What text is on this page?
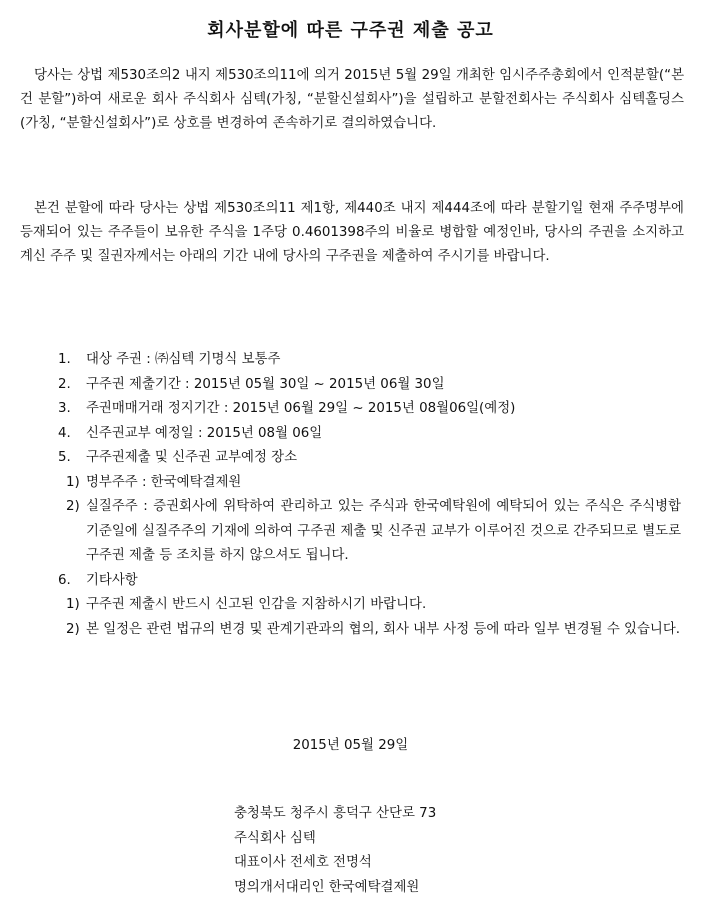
회사분할에 따른 구주권 제출 공고

당사는 상법 제530조의2 내지 제530조의11에 의거 2015년 5월 29일 개최한 임시주주총회에서 인적분할(“본건 분할”)하여 새로운 회사 주식회사 심텍(가칭, “분할신설회사”)을 설립하고 분할전회사는 주식회사 심텍홀딩스(가칭, “분할신설회사”)로 상호를 변경하여 존속하기로 결의하였습니다.

본건 분할에 따라 당사는 상법 제530조의11 제1항, 제440조 내지 제444조에 따라 분할기일 현재 주주명부에 등재되어 있는 주주들이 보유한 주식을 1주당 0.4601398주의 비율로 병합할 예정인바, 당사의 주권을 소지하고 계신 주주 및 질권자께서는 아래의 기간 내에 당사의 구주권을 제출하여 주시기를 바랍니다.

1. 대상 주권 : ㈜심텍 기명식 보통주
2. 구주권 제출기간 : 2015년 05월 30일 ~ 2015년 06월 30일
3. 주권매매거래 정지기간 : 2015년 06월 29일 ~ 2015년 08월06일(예정)
4. 신주권교부 예정일 : 2015년 08월 06일
5. 구주권제출 및 신주권 교부예정 장소
1) 명부주주 : 한국예탁결제원
2) 실질주주 : 증권회사에 위탁하여 관리하고 있는 주식과 한국예탁원에 예탁되어 있는 주식은 주식병합 기준일에 실질주주의 기재에 의하여 구주권 제출 및 신주권 교부가 이루어진 것으로 간주되므로 별도로 구주권 제출 등 조치를 하지 않으셔도 됩니다.
6. 기타사항
1) 구주권 제출시 반드시 신고된 인감을 지참하시기 바랍니다.
2) 본 일정은 관련 법규의 변경 및 관계기관과의 협의, 회사 내부 사정 등에 따라 일부 변경될 수 있습니다.
2015년 05월 29일
충청북도 청주시 흥덕구 산단로 73
주식회사 심텍
대표이사 전세호 전명석
명의개서대리인 한국예탁결제원
